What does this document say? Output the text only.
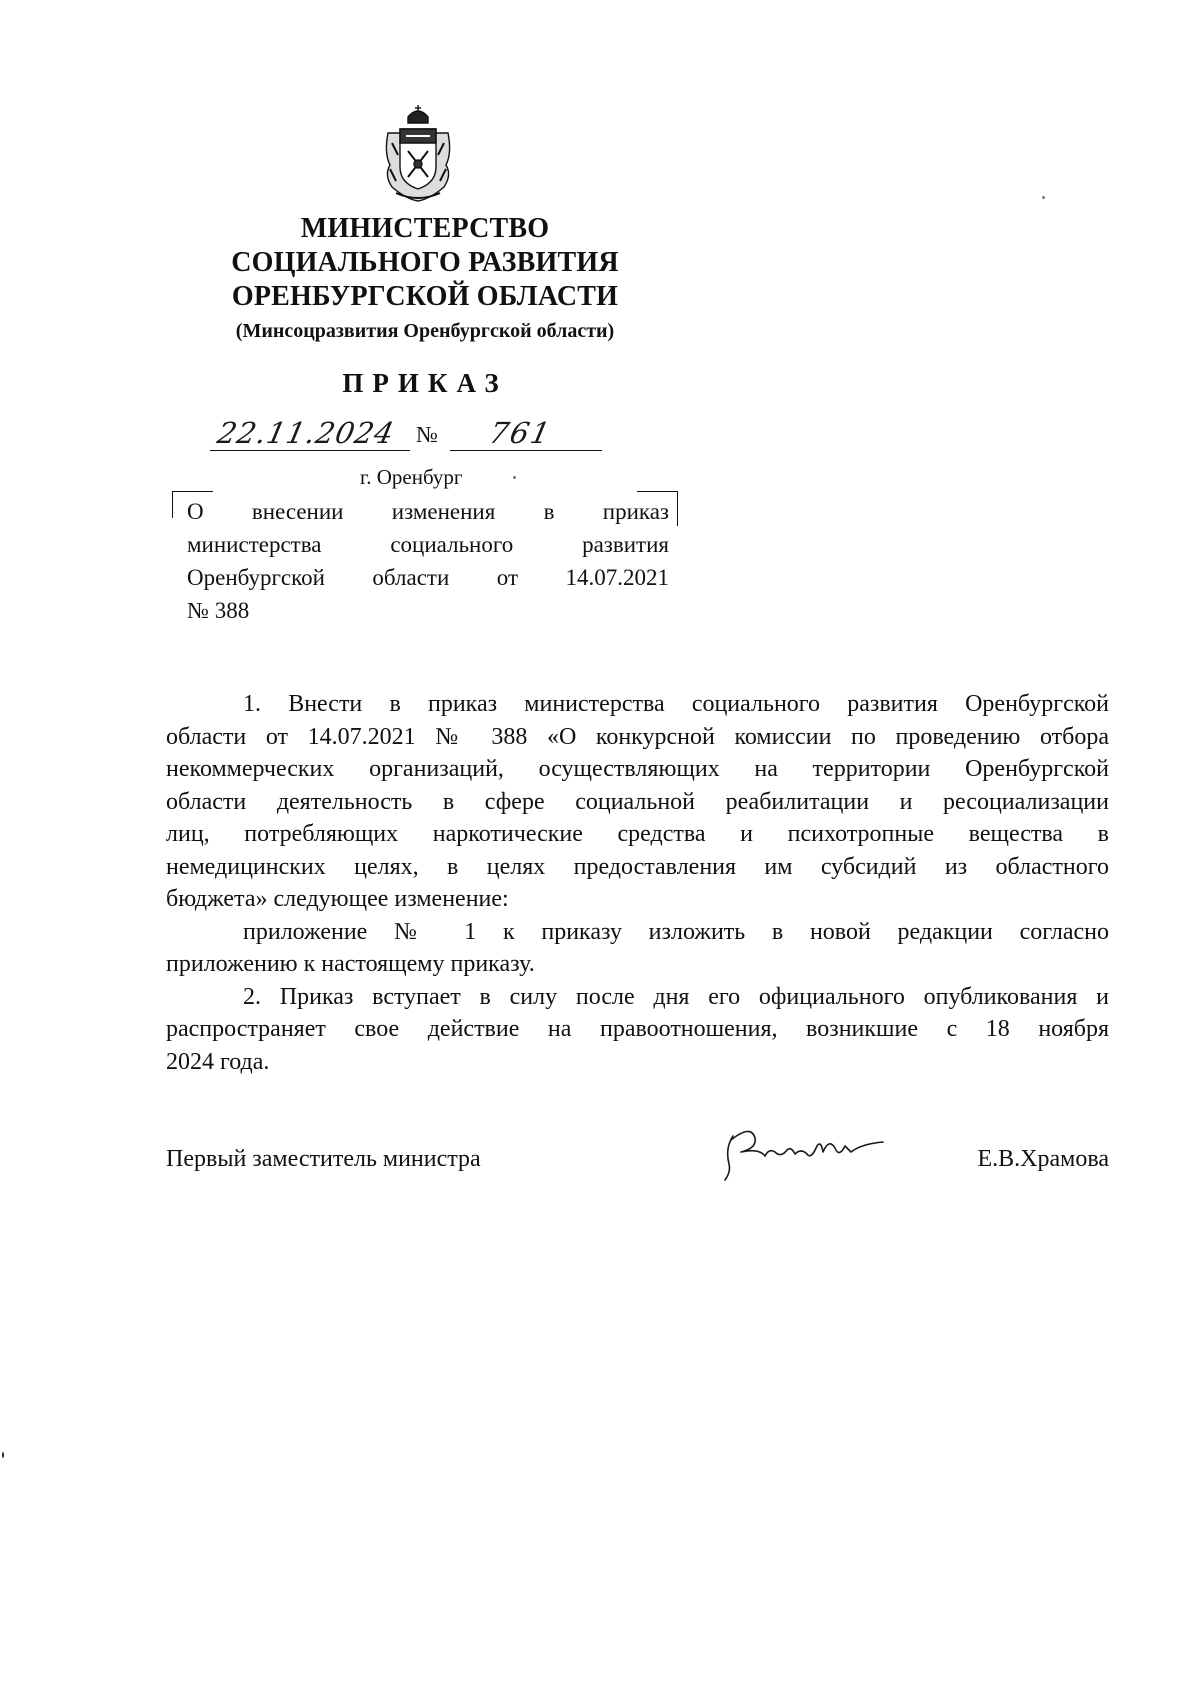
МИНИСТЕРСТВО
СОЦИАЛЬНОГО РАЗВИТИЯ
ОРЕНБУРГСКОЙ ОБЛАСТИ
(Минсоцразвития Оренбургской области)
ПРИКАЗ
22.11.2024 № 761
г. Оренбург
О внесении изменения в приказ
министерства социального развития
Оренбургской области от 14.07.2021
№ 388
1. Внести в приказ министерства социального развития Оренбургской
области от 14.07.2021 № 388 «О конкурсной комиссии по проведению отбора
некоммерческих организаций, осуществляющих на территории Оренбургской
области деятельность в сфере социальной реабилитации и ресоциализации
лиц, потребляющих наркотические средства и психотропные вещества в
немедицинских целях, в целях предоставления им субсидий из областного
бюджета» следующее изменение:
приложение № 1 к приказу изложить в новой редакции согласно
приложению к настоящему приказу.
2. Приказ вступает в силу после дня его официального опубликования и
распространяет свое действие на правоотношения, возникшие с 18 ноября
2024 года.
Первый заместитель министра	Е.В.Храмова
